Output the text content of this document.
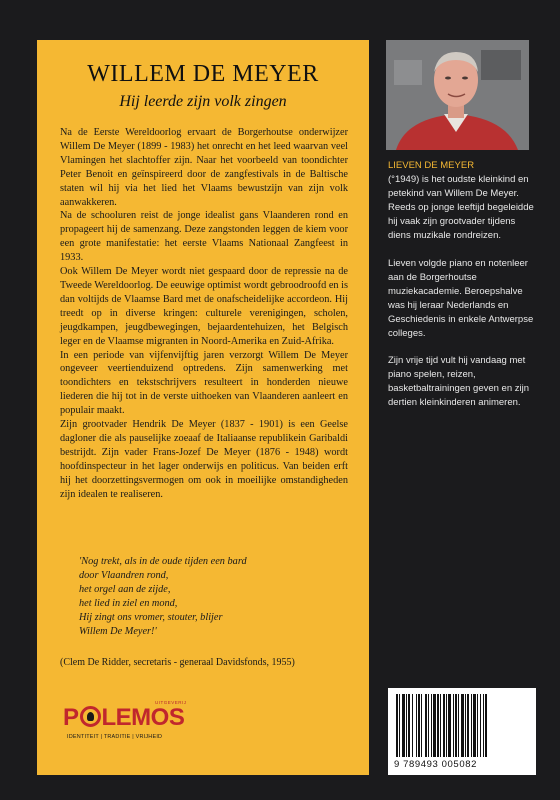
WILLEM DE MEYER
Hij leerde zijn volk zingen

Na de Eerste Wereldoorlog ervaart de Borgerhoutse onderwijzer Willem De Meyer (1899 - 1983) het onrecht en het leed waarvan veel Vlamingen het slachtoffer zijn. Naar het voorbeeld van toondichter Peter Benoit en geïnspireerd door de zangfestivals in de Baltische staten wil hij via het lied het Vlaams bewustzijn van zijn volk aanwakkeren.

Na de schooluren reist de jonge idealist gans Vlaanderen rond en propageert hij de samenzang. Deze zangstonden leggen de kiem voor een grote manifestatie: het eerste Vlaams Nationaal Zangfeest in 1933.

Ook Willem De Meyer wordt niet gespaard door de repressie na de Tweede Wereldoorlog. De eeuwige optimist wordt gebroodroofd en is dan voltijds de Vlaamse Bard met de onafscheidelijke accordeon. Hij treedt op in diverse kringen: culturele verenigingen, scholen, jeugdkampen, jeugdbewegingen, bejaardentehuizen, het Belgisch leger en de Vlaamse migranten in Noord-Amerika en Zuid-Afrika.

In een periode van vijfenvijftig jaren verzorgt Willem De Meyer ongeveer veertienduizend optredens. Zijn samenwerking met toondichters en tekstschrijvers resulteert in honderden nieuwe liederen die hij tot in de verste uithoeken van Vlaanderen aanleert en populair maakt.

Zijn grootvader Hendrik De Meyer (1837 - 1901) is een Geelse dagloner die als pauselijke zoeaaf de Italiaanse republikein Garibaldi bestrijdt. Zijn vader Frans-Jozef De Meyer (1876 - 1948) wordt hoofdinspecteur in het lager onderwijs en politicus. Van beiden erft hij het doorzettingsvermogen om ook in moeilijke omstandigheden zijn idealen te realiseren.

'Nog trekt, als in de oude tijden een bard

door Vlaandren rond,

het orgel aan de zijde,

het lied in ziel en mond,

Hij zingt ons vromer, stouter, blijer

Willem De Meyer!'

(Clem De Ridder, secretaris - generaal Davidsfonds, 1955)
UITGEVERIJ
P LEMOS
IDENTITEIT | TRADITIE | VRIJHEID

LIEVEN DE MEYER
(°1949) is het oudste kleinkind en petekind van Willem De Meyer. Reeds op jonge leeftijd begeleidde hij vaak zijn grootvader tijdens diens muzikale rondreizen.

Lieven volgde piano en notenleer aan de Borgerhoutse muziekacademie. Beroepshalve was hij leraar Nederlands en Geschiedenis in enkele Antwerpse colleges.

Zijn vrije tijd vult hij vandaag met piano spelen, reizen, basketbaltrainingen geven en zijn dertien kleinkinderen animeren.

9 789493 005082
